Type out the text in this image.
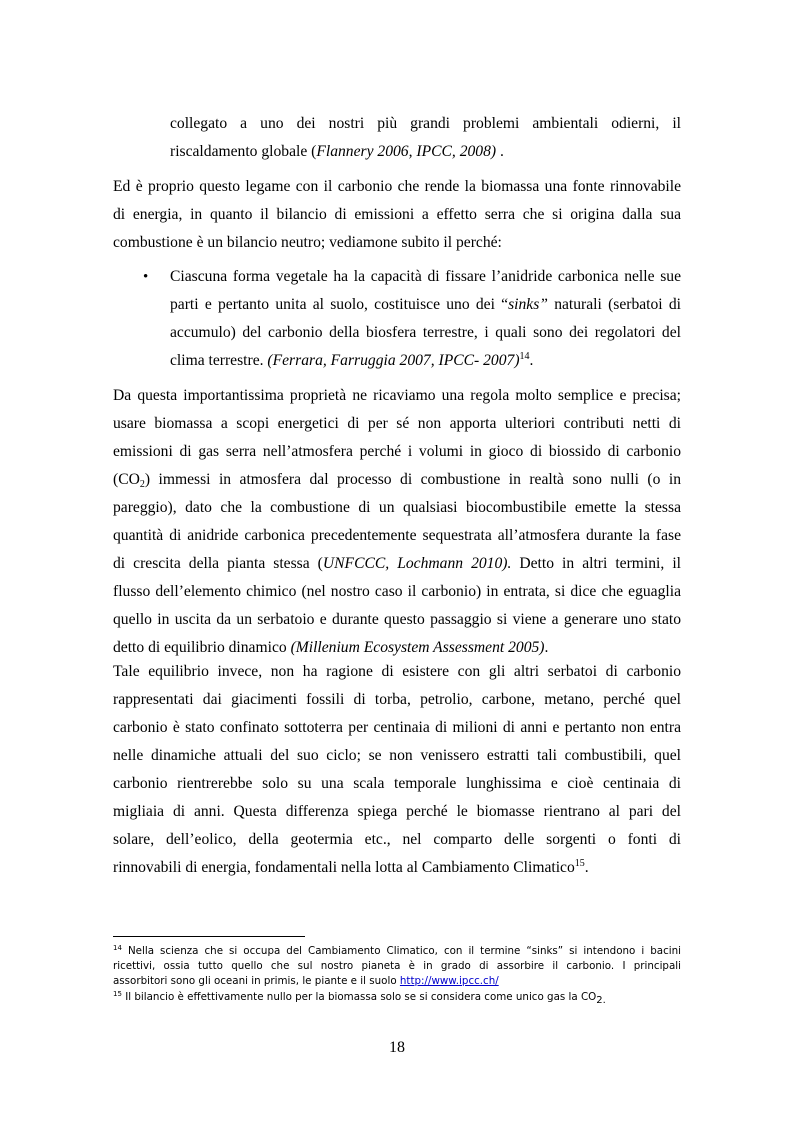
collegato a uno dei nostri più grandi problemi ambientali odierni, il
riscaldamento globale (Flannery 2006, IPCC, 2008) .
Ed è proprio questo legame con il carbonio che rende la biomassa una fonte rinnovabile
di energia, in quanto il bilancio di emissioni a effetto serra che si origina dalla sua
combustione è un bilancio neutro; vediamone subito il perché:
• Ciascuna forma vegetale ha la capacità di fissare l’anidride carbonica nelle sue
parti e pertanto unita al suolo, costituisce uno dei “sinks” naturali (serbatoi di
accumulo) del carbonio della biosfera terrestre, i quali sono dei regolatori del
clima terrestre. (Ferrara, Farruggia 2007, IPCC- 2007)$^{14}$.
Da questa importantissima proprietà ne ricaviamo una regola molto semplice e precisa;
usare biomassa a scopi energetici di per sé non apporta ulteriori contributi netti di
emissioni di gas serra nell’atmosfera perché i volumi in gioco di biossido di carbonio
$(CO_2)$ immessi in atmosfera dal processo di combustione in realtà sono nulli (o in
pareggio), dato che la combustione di un qualsiasi biocombustibile emette la stessa
quantità di anidride carbonica precedentemente sequestrata all’atmosfera durante la fase
di crescita della pianta stessa (UNFCCC, Lochmann 2010). Detto in altri termini, il
flusso dell’elemento chimico (nel nostro caso il carbonio) in entrata, si dice che eguaglia
quello in uscita da un serbatoio e durante questo passaggio si viene a generare uno stato
detto di equilibrio dinamico (Millenium Ecosystem Assessment 2005).
Tale equilibrio invece, non ha ragione di esistere con gli altri serbatoi di carbonio
rappresentati dai giacimenti fossili di torba, petrolio, carbone, metano, perché quel
carbonio è stato confinato sottoterra per centinaia di milioni di anni e pertanto non entra
nelle dinamiche attuali del suo ciclo; se non venissero estratti tali combustibili, quel
carbonio rientrerebbe solo su una scala temporale lunghissima e cioè centinaia di
migliaia di anni. Questa differenza spiega perché le biomasse rientrano al pari del
solare, dell’eolico, della geotermia etc., nel comparto delle sorgenti o fonti di
rinnovabili di energia, fondamentali nella lotta al Cambiamento Climatico$^{15}$.
$^{14}$ Nella scienza che si occupa del Cambiamento Climatico, con il termine “sinks” si intendono i bacini
ricettivi, ossia tutto quello che sul nostro pianeta è in grado di assorbire il carbonio. I principali
assorbitori sono gli oceani in primis, le piante e il suolo http://www.ipcc.ch/
$^{15}$ Il bilancio è effettivamente nullo per la biomassa solo se si considera come unico gas la $CO_{2.}$
18
